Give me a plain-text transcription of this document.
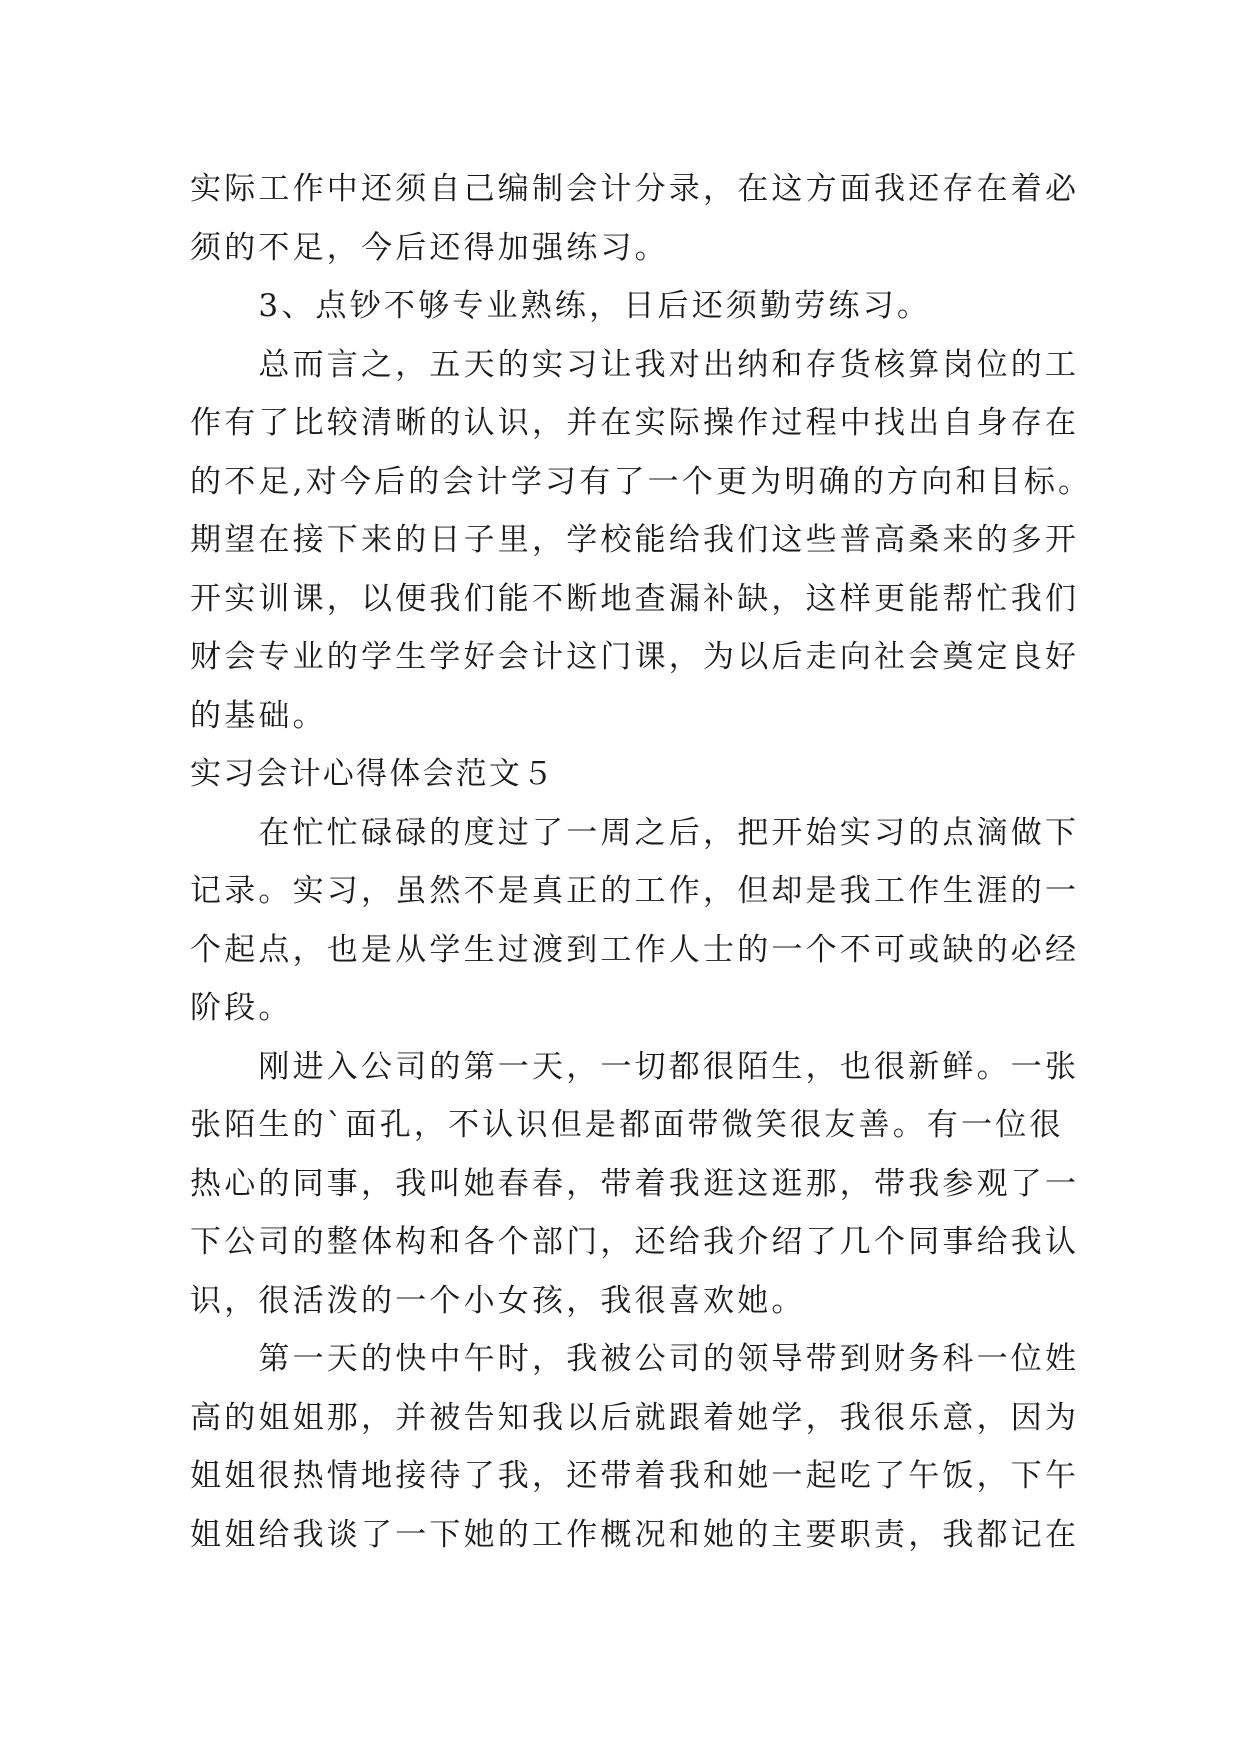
实际工作中还须自己编制会计分录，在这方面我还存在着必
须的不足，今后还得加强练习。
　　3、点钞不够专业熟练，日后还须勤劳练习。
　　总而言之，五天的实习让我对出纳和存货核算岗位的工
作有了比较清晰的认识，并在实际操作过程中找出自身存在
的不足,对今后的会计学习有了一个更为明确的方向和目标。
期望在接下来的日子里，学校能给我们这些普高桑来的多开
开实训课，以便我们能不断地查漏补缺，这样更能帮忙我们
财会专业的学生学好会计这门课，为以后走向社会奠定良好
的基础。
实习会计心得体会范文５
　　在忙忙碌碌的度过了一周之后，把开始实习的点滴做下
记录。实习，虽然不是真正的工作，但却是我工作生涯的一
个起点，也是从学生过渡到工作人士的一个不可或缺的必经
阶段。
　　刚进入公司的第一天，一切都很陌生，也很新鲜。一张
张陌生的`面孔，不认识但是都面带微笑很友善。有一位很
热心的同事，我叫她春春，带着我逛这逛那，带我参观了一
下公司的整体构和各个部门，还给我介绍了几个同事给我认
识，很活泼的一个小女孩，我很喜欢她。
　　第一天的快中午时，我被公司的领导带到财务科一位姓
高的姐姐那，并被告知我以后就跟着她学，我很乐意，因为
姐姐很热情地接待了我，还带着我和她一起吃了午饭，下午
姐姐给我谈了一下她的工作概况和她的主要职责，我都记在
